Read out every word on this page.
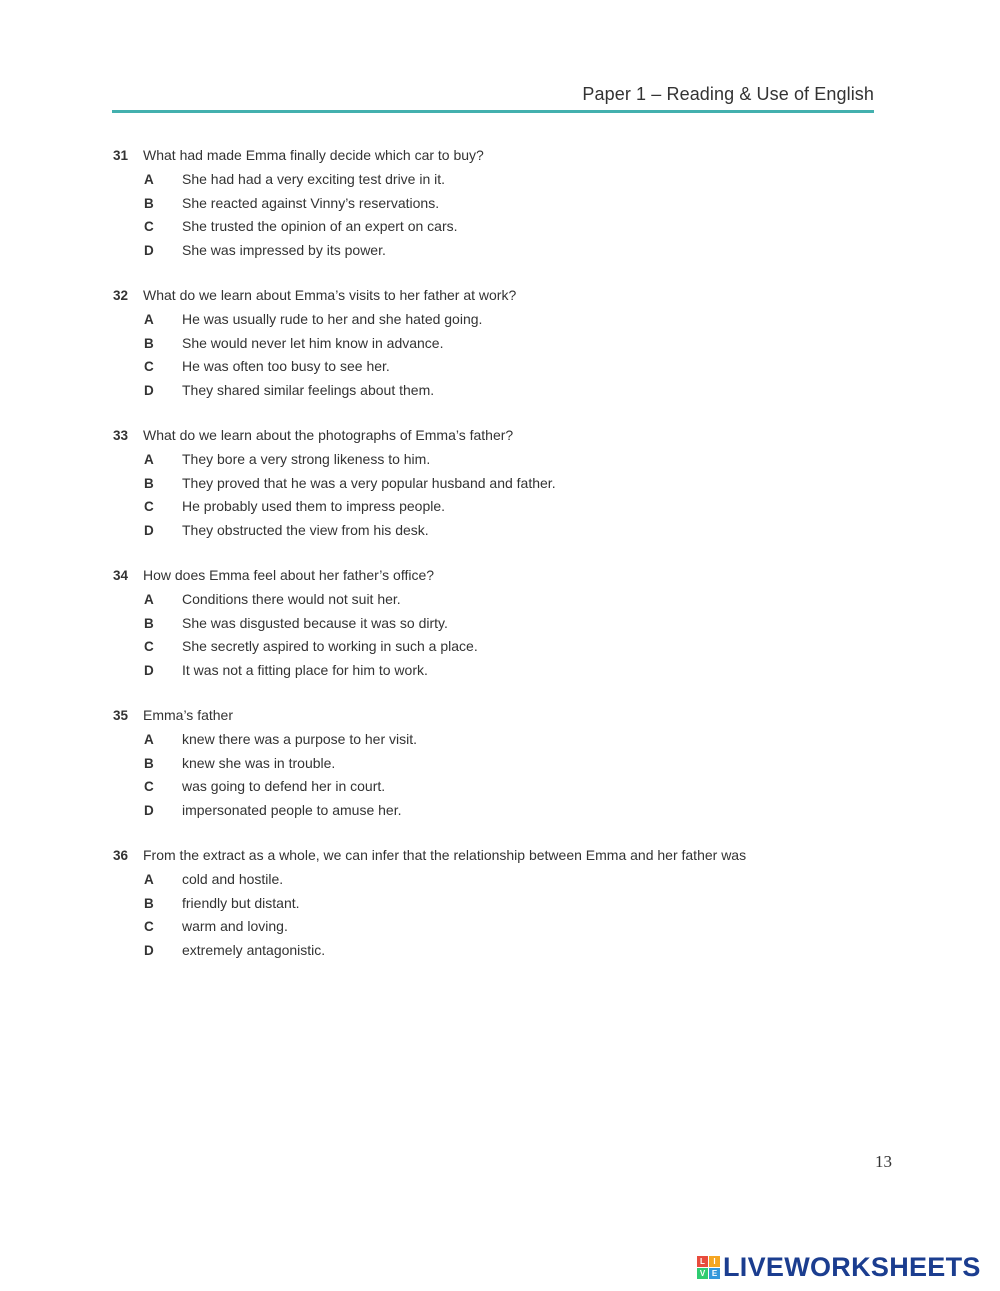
Paper 1 – Reading & Use of English
31	What had made Emma finally decide which car to buy?
A	She had had a very exciting test drive in it.
B	She reacted against Vinny’s reservations.
C	She trusted the opinion of an expert on cars.
D	She was impressed by its power.
32	What do we learn about Emma’s visits to her father at work?
A	He was usually rude to her and she hated going.
B	She would never let him know in advance.
C	He was often too busy to see her.
D	They shared similar feelings about them.
33	What do we learn about the photographs of Emma’s father?
A	They bore a very strong likeness to him.
B	They proved that he was a very popular husband and father.
C	He probably used them to impress people.
D	They obstructed the view from his desk.
34	How does Emma feel about her father’s office?
A	Conditions there would not suit her.
B	She was disgusted because it was so dirty.
C	She secretly aspired to working in such a place.
D	It was not a fitting place for him to work.
35	Emma’s father
A	knew there was a purpose to her visit.
B	knew she was in trouble.
C	was going to defend her in court.
D	impersonated people to amuse her.
36	From the extract as a whole, we can infer that the relationship between Emma and her father was
A	cold and hostile.
B	friendly but distant.
C	warm and loving.
D	extremely antagonistic.
13
L	I
V E LIVEWORKSHEETS
